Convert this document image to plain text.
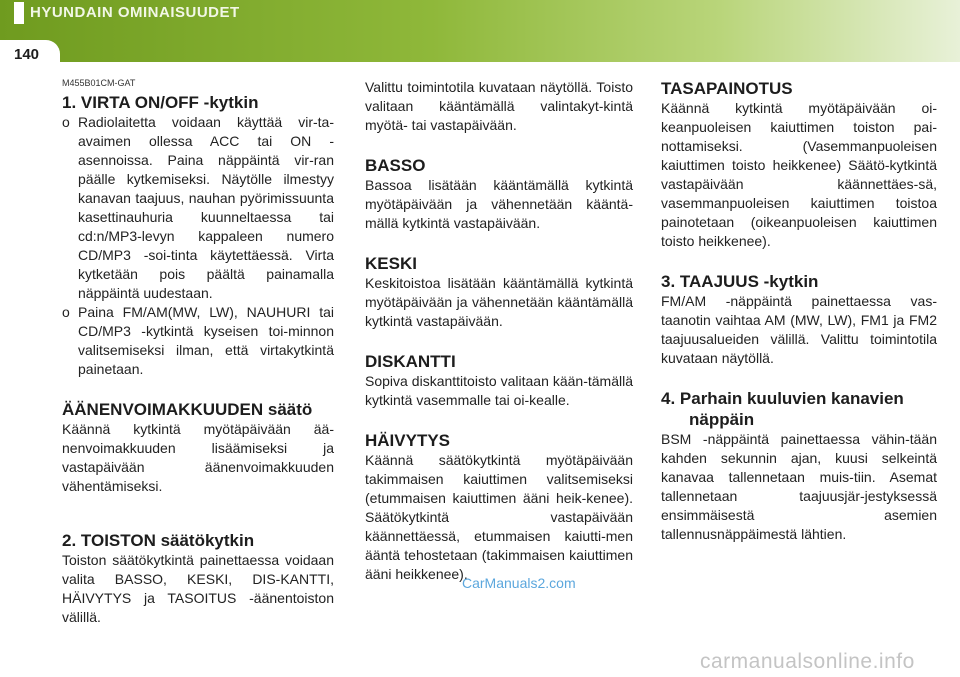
HYUNDAIN OMINAISUUDET
140
M455B01CM-GAT
1. VIRTA ON/OFF -kytkin
o Radiolaitetta voidaan käyttää vir-ta-avaimen ollessa ACC tai ON -asennoissa. Paina näppäintä vir-ran päälle kytkemiseksi. Näytölle ilmestyy kanavan taajuus, nauhan pyörimissuunta kasettinauhuria kuunneltaessa tai cd:n/MP3-levyn kappaleen numero CD/MP3 -soi-tinta käytettäessä. Virta kytketään pois päältä painamalla näppäintä uudestaan.
o Paina FM/AM(MW, LW), NAUHURI tai CD/MP3 -kytkintä kyseisen toi-minnon valitsemiseksi ilman, että virtakytkintä painetaan.
ÄÄNENVOIMAKKUUDEN säätö

Käännä kytkintä myötäpäivään ää-nenvoimakkuuden lisäämiseksi ja vastapäivään äänenvoimakkuuden vähentämiseksi.

2. TOISTON säätökytkin

Toiston säätökytkintä painettaessa voidaan valita BASSO, KESKI, DIS-KANTTI, HÄIVYTYS ja TASOITUS -äänentoiston välillä.

Valittu toimintotila kuvataan näytöllä. Toisto valitaan kääntämällä valintakyt-kintä myötä- tai vastapäivään.

BASSO

Bassoa lisätään kääntämällä kytkintä myötäpäivään ja vähennetään kääntä-mällä kytkintä vastapäivään.

KESKI

Keskitoistoa lisätään kääntämällä kytkintä myötäpäivään ja vähennetään kääntämällä kytkintä vastapäivään.

DISKANTTI

Sopiva diskanttitoisto valitaan kään-tämällä kytkintä vasemmalle tai oi-kealle.

HÄIVYTYS

Käännä säätökytkintä myötäpäivään takimmaisen kaiuttimen valitsemiseksi (etummaisen kaiuttimen ääni heik-kenee). Säätökytkintä vastapäivään käännettäessä, etummaisen kaiutti-men ääntä tehostetaan (takimmaisen kaiuttimen ääni heikkenee).

TASAPAINOTUS

Käännä kytkintä myötäpäivään oi-keanpuoleisen kaiuttimen toiston pai-nottamiseksi. (Vasemmanpuoleisen kaiuttimen toisto heikkenee) Säätö-kytkintä vastapäivään käännettäes-sä, vasemmanpuoleisen kaiuttimen toistoa painotetaan (oikeanpuoleisen kaiuttimen toisto heikkenee).

3. TAAJUUS -kytkin

FM/AM -näppäintä painettaessa vas-taanotin vaihtaa AM (MW, LW), FM1 ja FM2 taajuusalueiden välillä. Valittu toimintotila kuvataan näytöllä.

4. Parhain kuuluvien kanavien
näppäin

BSM -näppäintä painettaessa vähin-tään kahden sekunnin ajan, kuusi selkeintä kanavaa tallennetaan muis-tiin. Asemat tallennetaan taajuusjär-jestyksessä ensimmäisestä asemien tallennusnäppäimestä lähtien.

CarManuals2.com
carmanualsonline.info
